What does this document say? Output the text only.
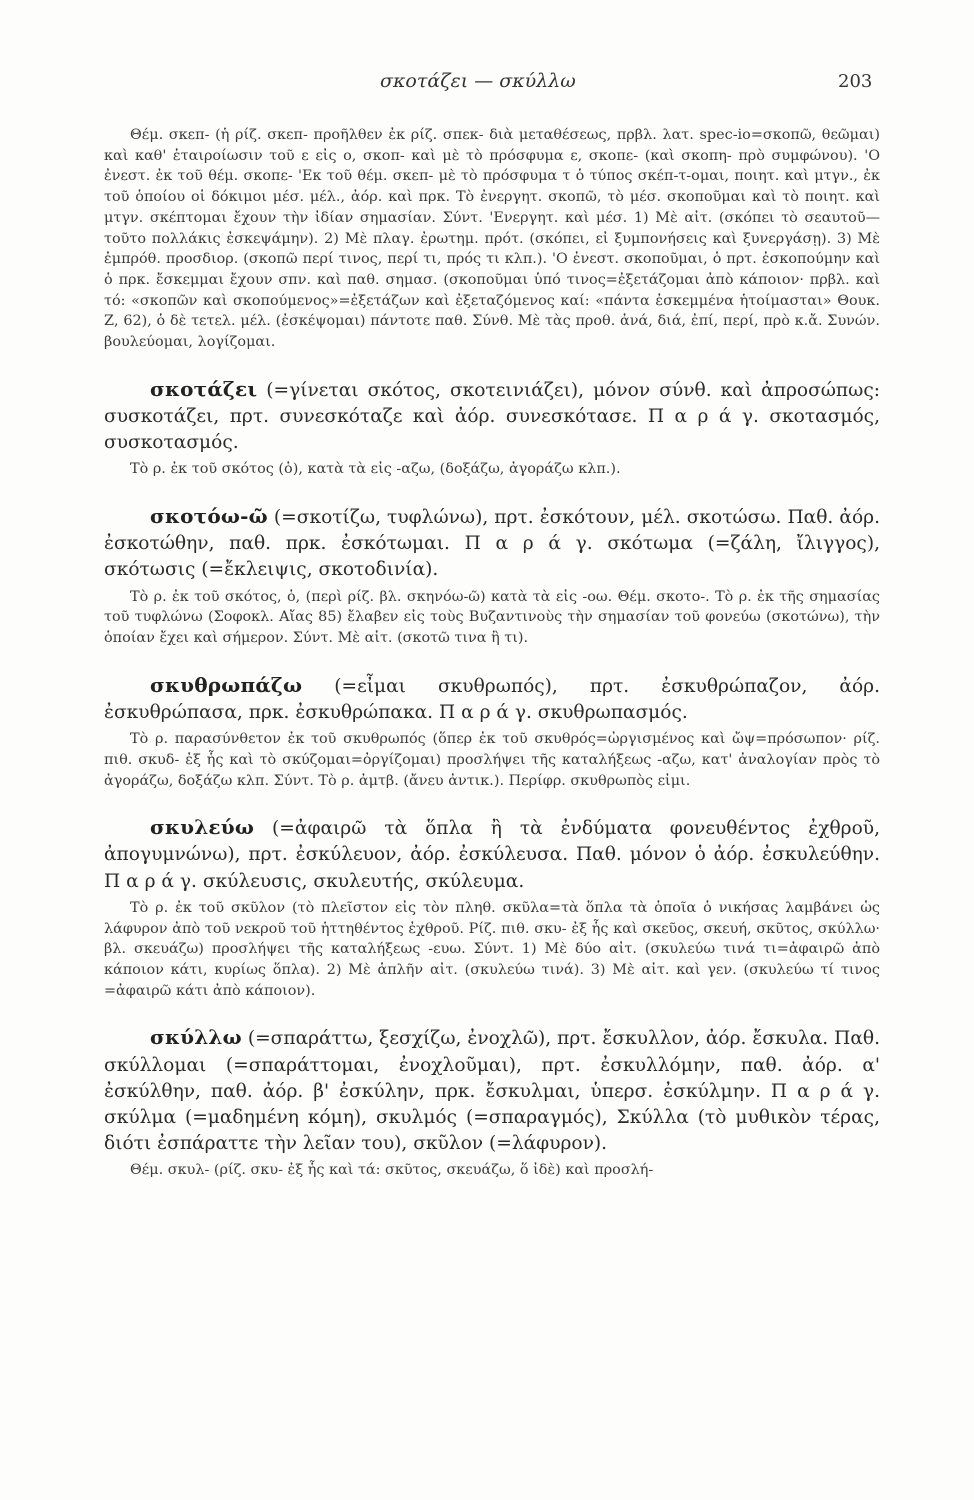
σκοτάζει — σκύλλω	203

Θέμ. σκεπ- (ἡ ρίζ. σκεπ- προῆλθεν ἐκ ρίζ. σπεκ- διὰ μεταθέσεως, πρβλ. λατ. spec-io=σκοπῶ, θεῶμαι) καὶ καθ' ἑταιροίωσιν τοῦ ε εἰς ο, σκοπ- καὶ μὲ τὸ πρόσφυμα ε, σκοπε- (καὶ σκοπη- πρὸ συμφώνου). 'Ο ἐνεστ. ἐκ τοῦ θέμ. σκοπε- 'Εκ τοῦ θέμ. σκεπ- μὲ τὸ πρόσφυμα τ ὁ τύπος σκέπ-τ-ομαι, ποιητ. καὶ μτγν., ἐκ τοῦ ὁποίου οἱ δόκιμοι μέσ. μέλ., ἀόρ. καὶ πρκ. Τὸ ἐνεργητ. σκοπῶ, τὸ μέσ. σκοποῦμαι καὶ τὸ ποιητ. καὶ μτγν. σκέπτομαι ἔχουν τὴν ἰδίαν σημασίαν. Σύντ. 'Ενεργητ. καὶ μέσ. 1) Μὲ αἰτ. (σκόπει τὸ σεαυτοῦ—τοῦτο πολλάκις ἐσκεψάμην). 2) Μὲ πλαγ. ἐρωτημ. πρότ. (σκόπει, εἰ ξυμπονήσεις καὶ ξυνεργάσῃ). 3) Μὲ ἐμπρόθ. προσδιορ. (σκοπῶ περί τινος, περί τι, πρός τι κλπ.). 'Ο ἐνεστ. σκοποῦμαι, ὁ πρτ. ἐσκοπούμην καὶ ὁ πρκ. ἔσκεμμαι ἔχουν σπν. καὶ παθ. σημασ. (σκοποῦμαι ὑπό τινος=ἐξετάζομαι ἀπὸ κάποιον· πρβλ. καὶ τό: «σκοπῶν καὶ σκοπούμενος»=ἐξετάζων καὶ ἐξεταζόμενος καί: «πάντα ἐσκεμμένα ἡτοίμασται» Θουκ. Ζ, 62), ὁ δὲ τετελ. μέλ. (ἐσκέψομαι) πάντοτε παθ. Σύνθ. Μὲ τὰς προθ. ἀνά, διά, ἐπί, περί, πρὸ κ.ἄ. Συνών. βουλεύομαι, λογίζομαι.

σκοτάζει (=γίνεται σκότος, σκοτεινιάζει), μόνον σύνθ. καὶ ἀπροσώπως: συσκοτάζει, πρτ. συνεσκόταζε καὶ ἀόρ. συνεσκότασε. Π α ρ ά γ. σκοτασμός, συσκοτασμός.

Τὸ ρ. ἐκ τοῦ σκότος (ὁ), κατὰ τὰ εἰς -αζω, (δοξάζω, ἀγοράζω κλπ.).

σκοτόω-ῶ (=σκοτίζω, τυφλώνω), πρτ. ἐσκότουν, μέλ. σκοτώσω. Παθ. ἀόρ. ἐσκοτώθην, παθ. πρκ. ἐσκότωμαι. Π α ρ ά γ. σκότωμα (=ζάλη, ἴλιγγος), σκότωσις (=ἔκλειψις, σκοτοδινία).

Τὸ ρ. ἐκ τοῦ σκότος, ὁ, (περὶ ρίζ. βλ. σκηνόω-ῶ) κατὰ τὰ εἰς -οω. Θέμ. σκοτο-. Τὸ ρ. ἐκ τῆς σημασίας τοῦ τυφλώνω (Σοφοκλ. Αἴας 85) ἔλαβεν εἰς τοὺς Βυζαντινοὺς τὴν σημασίαν τοῦ φονεύω (σκοτώνω), τὴν ὁποίαν ἔχει καὶ σήμερον. Σύντ. Μὲ αἰτ. (σκοτῶ τινα ἢ τι).

σκυθρωπάζω (=εἶμαι σκυθρωπός), πρτ. ἐσκυθρώπαζον, ἀόρ. ἐσκυθρώπασα, πρκ. ἐσκυθρώπακα. Π α ρ ά γ. σκυθρωπασμός.

Τὸ ρ. παρασύνθετον ἐκ τοῦ σκυθρωπός (ὅπερ ἐκ τοῦ σκυθρός=ὠργισμένος καὶ ὤψ=πρόσωπον· ρίζ. πιθ. σκυδ- ἐξ ἧς καὶ τὸ σκύζομαι=ὀργίζομαι) προσλήψει τῆς καταλήξεως -αζω, κατ' ἀναλογίαν πρὸς τὸ ἀγοράζω, δοξάζω κλπ. Σύντ. Τὸ ρ. ἀμτβ. (ἄνευ ἀντικ.). Περίφρ. σκυθρωπὸς εἰμι.

σκυλεύω (=ἀφαιρῶ τὰ ὅπλα ἢ τὰ ἐνδύματα φονευθέντος ἐχθροῦ, ἀπογυμνώνω), πρτ. ἐσκύλευον, ἀόρ. ἐσκύλευσα. Παθ. μόνον ὁ ἀόρ. ἐσκυλεύθην. Π α ρ ά γ. σκύλευσις, σκυλευτής, σκύλευμα.

Τὸ ρ. ἐκ τοῦ σκῦλον (τὸ πλεῖστον εἰς τὸν πληθ. σκῦλα=τὰ ὅπλα τὰ ὁποῖα ὁ νικήσας λαμβάνει ὡς λάφυρον ἀπὸ τοῦ νεκροῦ τοῦ ἡττηθέντος ἐχθροῦ. Ρίζ. πιθ. σκυ- ἐξ ἧς καὶ σκεῦος, σκευή, σκῦτος, σκύλλω· βλ. σκευάζω) προσλήψει τῆς καταλήξεως -ευω. Σύντ. 1) Μὲ δύο αἰτ. (σκυλεύω τινά τι=ἀφαιρῶ ἀπὸ κάποιον κάτι, κυρίως ὅπλα). 2) Μὲ ἁπλῆν αἰτ. (σκυλεύω τινά). 3) Μὲ αἰτ. καὶ γεν. (σκυλεύω τί τινος =ἀφαιρῶ κάτι ἀπὸ κάποιον).

σκύλλω (=σπαράττω, ξεσχίζω, ἐνοχλῶ), πρτ. ἔσκυλλον, ἀόρ. ἔσκυλα. Παθ. σκύλλομαι (=σπαράττομαι, ἐνοχλοῦμαι), πρτ. ἐσκυλλόμην, παθ. ἀόρ. α' ἐσκύλθην, παθ. ἀόρ. β' ἐσκύλην, πρκ. ἔσκυλμαι, ὑπερσ. ἐσκύλμην. Π α ρ ά γ. σκύλμα (=μαδημένη κόμη), σκυλμός (=σπαραγμός), Σκύλλα (τὸ μυθικὸν τέρας, διότι ἐσπάραττε τὴν λεῖαν του), σκῦλον (=λάφυρον).

Θέμ. σκυλ- (ρίζ. σκυ- ἐξ ἧς καὶ τά: σκῦτος, σκευάζω, ὅ ἰδὲ) καὶ προσλή-
